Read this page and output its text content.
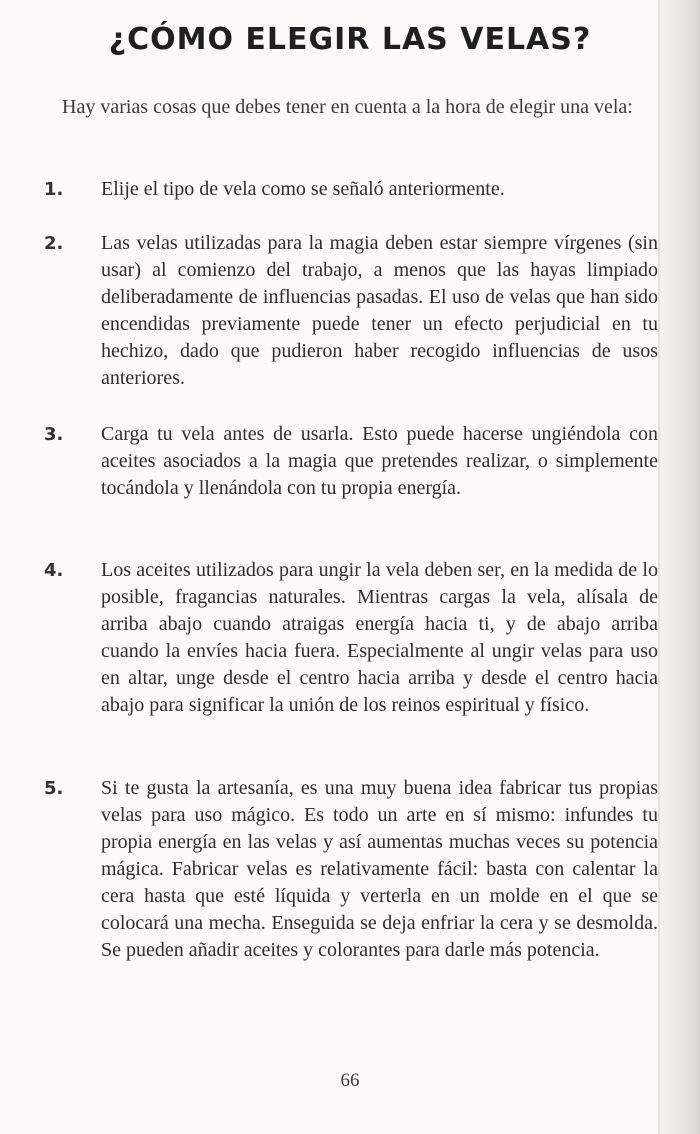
¿CÓMO ELEGIR LAS VELAS?

Hay varias cosas que debes tener en cuenta a la hora de elegir una vela:

1. Elije el tipo de vela como se señaló anteriormente.

2. Las velas utilizadas para la magia deben estar siempre vírgenes (sin usar) al comienzo del trabajo, a menos que las hayas limpiado deliberadamente de influencias pasadas. El uso de velas que han sido encendidas previamente puede tener un efecto perjudicial en tu hechizo, dado que pudieron haber recogido influencias de usos anteriores.

3. Carga tu vela antes de usarla. Esto puede hacerse ungiéndola con aceites asociados a la magia que pretendes realizar, o simplemente tocándola y llenándola con tu propia energía.

4. Los aceites utilizados para ungir la vela deben ser, en la medida de lo posible, fragancias naturales. Mientras cargas la vela, alísala de arriba abajo cuando atraigas energía hacia ti, y de abajo arriba cuando la envíes hacia fuera. Especialmente al ungir velas para uso en altar, unge desde el centro hacia arriba y desde el centro hacia abajo para significar la unión de los reinos espiritual y físico.

5. Si te gusta la artesanía, es una muy buena idea fabricar tus propias velas para uso mágico. Es todo un arte en sí mismo: infundes tu propia energía en las velas y así aumentas muchas veces su potencia mágica. Fabricar velas es relativamente fácil: basta con calentar la cera hasta que esté líquida y verterla en un molde en el que se colocará una mecha. Enseguida se deja enfriar la cera y se desmolda. Se pueden añadir aceites y colorantes para darle más potencia.

66
